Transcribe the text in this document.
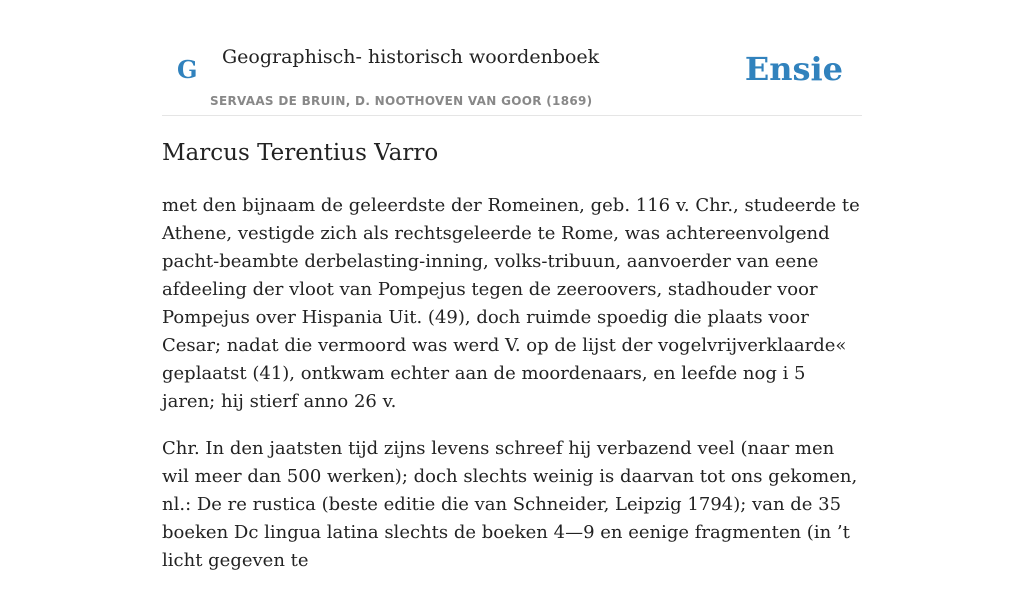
G Geographisch- historisch woordenboek
SERVAAS DE BRUIN, D. NOOTHOVEN VAN GOOR (1869)
Ensie
Marcus Terentius Varro

met den bijnaam de geleerdste der Romeinen, geb. 116 v. Chr., studeerde te Athene, vestigde zich als rechtsgeleerde te Rome, was achtereenvolgend pacht-beambte derbelasting-inning, volks-tribuun, aanvoerder van eene afdeeling der vloot van Pompejus tegen de zeeroovers, stadhouder voor Pompejus over Hispania Uit. (49), doch ruimde spoedig die plaats voor Cesar; nadat die vermoord was werd V. op de lijst der vogelvrijverklaarde« geplaatst (41), ontkwam echter aan de moordenaars, en leefde nog i 5 jaren; hij stierf anno 26 v.

Chr. In den jaatsten tijd zijns levens schreef hij verbazend veel (naar men wil meer dan 500 werken); doch slechts weinig is daarvan tot ons gekomen, nl.: De re rustica (beste editie die van Schneider, Leipzig 1794); van de 35 boeken Dc lingua latina slechts de boeken 4—9 en eenige fragmenten (in ’t licht gegeven te
